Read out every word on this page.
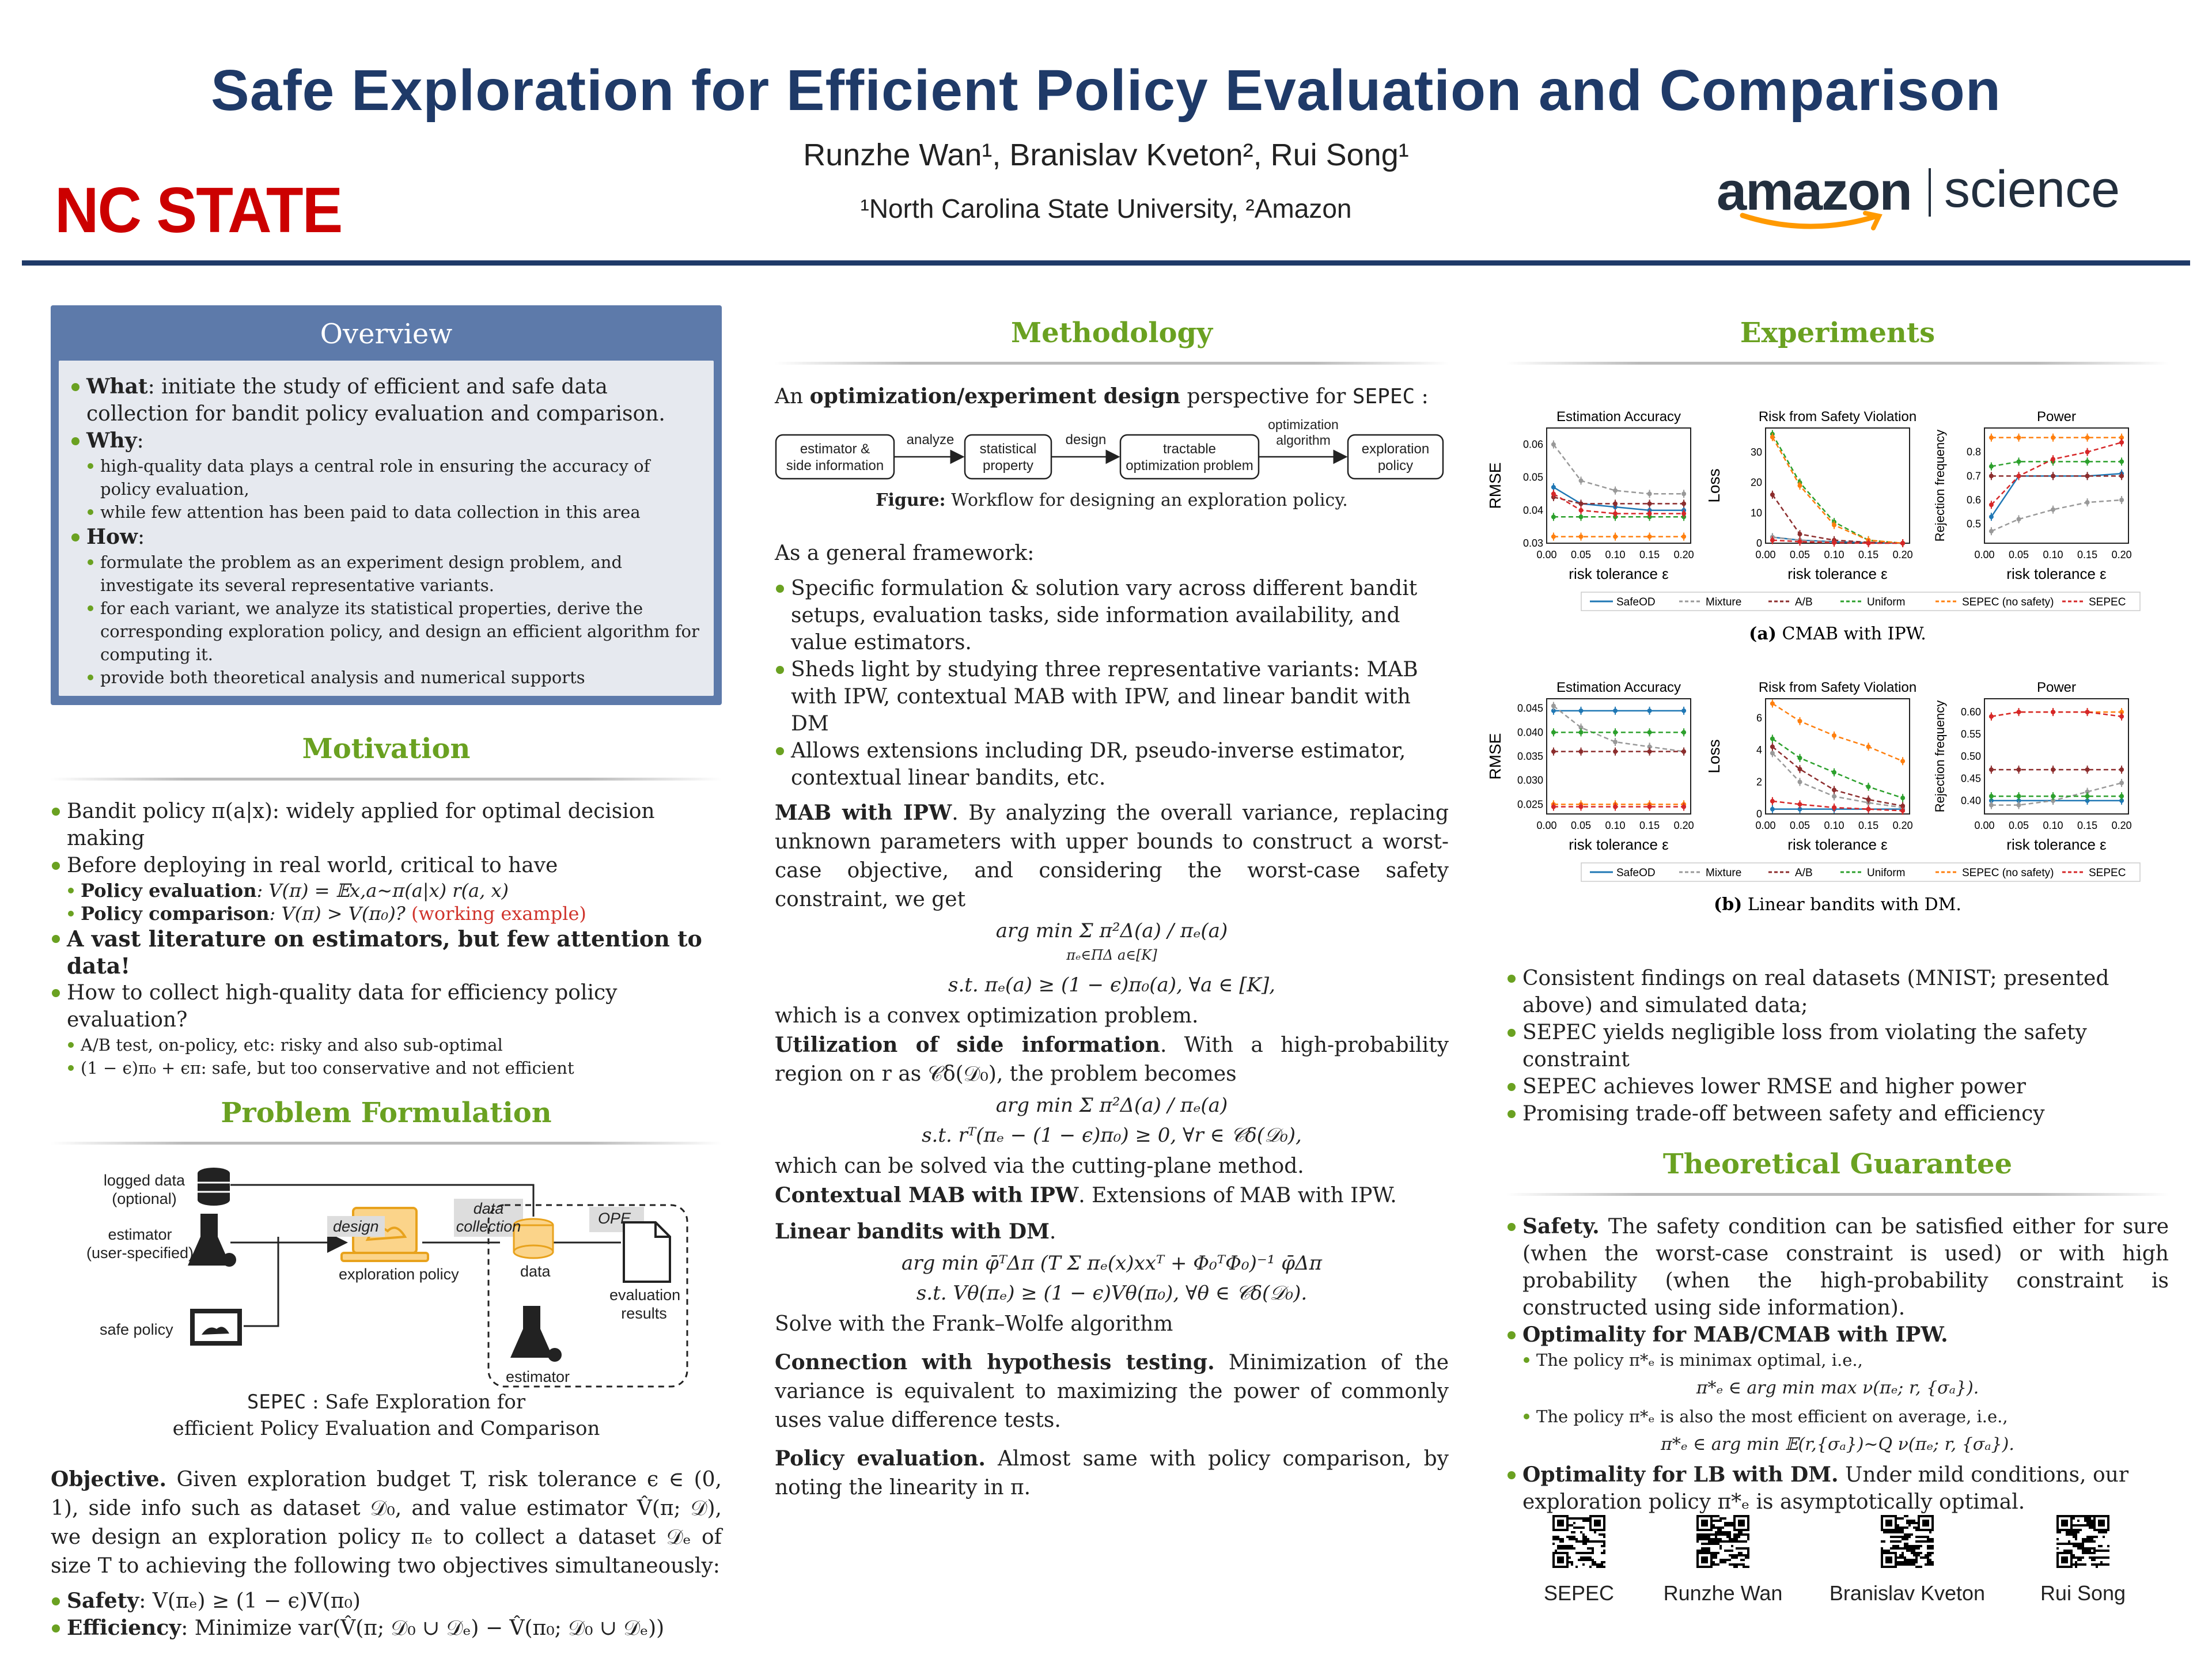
Safe Exploration for Efficient Policy Evaluation and Comparison
Runzhe Wan¹, Branislav Kveton², Rui Song¹
¹North Carolina State University, ²Amazon
NC STATE	amazon science
Overview
What: initiate the study of efficient and safe data collection for bandit policy evaluation and comparison.
Why:
high-quality data plays a central role in ensuring the accuracy of policy evaluation,
while few attention has been paid to data collection in this area
How:
formulate the problem as an experiment design problem, and investigate its several representative variants.
for each variant, we analyze its statistical properties, derive the corresponding exploration policy, and design an efficient algorithm for computing it.
provide both theoretical analysis and numerical supports
Motivation
Bandit policy π(a|x): widely applied for optimal decision making
Before deploying in real world, critical to have
Policy evaluation: V(π) = 𝔼x,a∼π(a|x) r(a, x)
Policy comparison: V(π) > V(π₀)? (working example)
A vast literature on estimators, but few attention to data!
How to collect high-quality data for efficiency policy evaluation?
A/B test, on-policy, etc: risky and also sub-optimal
(1 − ϵ)π₀ + ϵπ: safe, but too conservative and not efficient
Problem Formulation
logged data
(optional)
estimator
(user-specified)
safe policy
design
data
collection	OPE
exploration policy	data
evaluation
results
estimator
SEPEC : Safe Exploration for
efficient Policy Evaluation and Comparison
Objective. Given exploration budget T, risk tolerance ϵ ∈ (0, 1), side info such as dataset 𝒟₀, and value estimator V̂(π; 𝒟), we design an exploration policy πₑ to collect a dataset 𝒟ₑ of size T to achieving the following two objectives simultaneously:
Safety: V(πₑ) ≥ (1 − ϵ)V(π₀)
Efficiency: Minimize var(V̂(π; 𝒟₀ ∪ 𝒟ₑ) − V̂(π₀; 𝒟₀ ∪ 𝒟ₑ))
Methodology
An optimization/experiment design perspective for SEPEC :
estimator &
side information
analyze
statistical
property
design
tractable
optimization problem
optimization
algorithm
exploration
policy
Figure: Workflow for designing an exploration policy.
As a general framework:
Specific formulation & solution vary across different bandit setups, evaluation tasks, side information availability, and value estimators.
Sheds light by studying three representative variants: MAB with IPW, contextual MAB with IPW, and linear bandit with DM
Allows extensions including DR, pseudo-inverse estimator, contextual linear bandits, etc.
MAB with IPW. By analyzing the overall variance, replacing unknown parameters with upper bounds to construct a worst-case objective, and considering the worst-case safety constraint, we get
arg min Σ π²Δ(a) / πₑ(a)
πₑ∈ΠΔ a∈[K]
s.t. πₑ(a) ≥ (1 − ϵ)π₀(a), ∀a ∈ [K],
which is a convex optimization problem.
Utilization of side information. With a high-probability region on r as 𝒞δ(𝒟₀), the problem becomes
arg min Σ π²Δ(a) / πₑ(a)
s.t. rᵀ(πₑ − (1 − ϵ)π₀) ≥ 0, ∀r ∈ 𝒞δ(𝒟₀),
which can be solved via the cutting-plane method.
Contextual MAB with IPW. Extensions of MAB with IPW.
Linear bandits with DM.
arg min φ̄ᵀΔπ (T Σ πₑ(x)xxᵀ + Φ₀ᵀΦ₀)⁻¹ φ̄Δπ
s.t. Vθ(πₑ) ≥ (1 − ϵ)Vθ(π₀), ∀θ ∈ 𝒞δ(𝒟₀).
Solve with the Frank–Wolfe algorithm
Connection with hypothesis testing. Minimization of the variance is equivalent to maximizing the power of commonly uses value difference tests.
Policy evaluation. Almost same with policy comparison, by noting the linearity in π.
Experiments
Estimation Accuracy
risk tolerance ε
RMSE
0.00 0.05 0.10 0.15 0.20
0.03
0.04
0.05
0.06
Risk from Safety Violation
risk tolerance ε
Loss
0.00 0.05 0.10 0.15 0.20
0
10
20
30
Power
risk tolerance ε
Rejection frequency
0.00 0.05 0.10 0.15 0.20
0.5
0.6
0.7
0.8
Estimation Accuracy
risk tolerance ε
RMSE
0.00 0.05 0.10 0.15 0.20
0.025
0.030
0.035
0.040
0.045
Risk from Safety Violation
risk tolerance ε
Loss
0.00 0.05 0.10 0.15 0.20
0
2
4
6
Power
risk tolerance ε
Rejection frequency
0.00 0.05 0.10 0.15 0.20
0.40
0.45
0.50
0.55
0.60
SafeOD	Mixture	A/B	Uniform	SEPEC (no safety)	SEPEC
(a) CMAB with IPW.
SafeOD	Mixture	A/B	Uniform	SEPEC (no safety)	SEPEC
(b) Linear bandits with DM.
Consistent findings on real datasets (MNIST; presented above) and simulated data;
SEPEC yields negligible loss from violating the safety constraint
SEPEC achieves lower RMSE and higher power
Promising trade-off between safety and efficiency
Theoretical Guarantee
Safety. The safety condition can be satisfied either for sure (when the worst-case constraint is used) or with high probability (when the high-probability constraint is constructed using side information).
Optimality for MAB/CMAB with IPW.
The policy π*ₑ is minimax optimal, i.e.,
π*ₑ ∈ arg min max ν(πₑ; r, {σₐ}).
The policy π*ₑ is also the most efficient on average, i.e.,
π*ₑ ∈ arg min 𝔼(r,{σₐ})∼Q ν(πₑ; r, {σₐ}).
Optimality for LB with DM. Under mild conditions, our exploration policy π*ₑ is asymptotically optimal.
SEPEC	Runzhe Wan	Branislav Kveton	Rui Song
